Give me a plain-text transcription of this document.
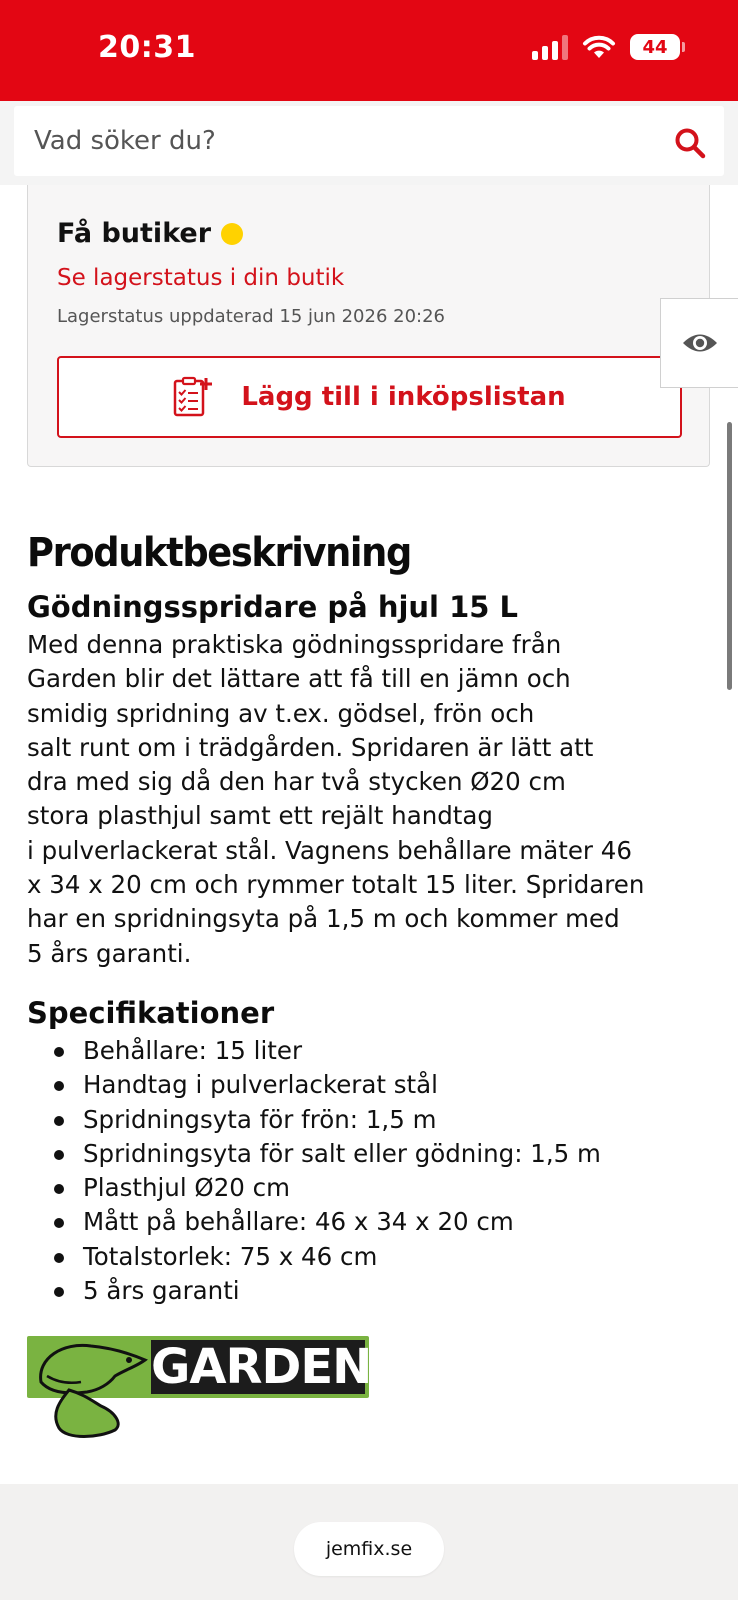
20:31	44
Vad söker du?
Få butiker
Se lagerstatus i din butik
Lagerstatus uppdaterad 15 jun 2026 20:26
Lägg till i inköpslistan
Produktbeskrivning
Gödningsspridare på hjul 15 L
Med denna praktiska gödningsspridare från
Garden blir det lättare att få till en jämn och
smidig spridning av t.ex. gödsel, frön och
salt runt om i trädgården. Spridaren är lätt att
dra med sig då den har två stycken Ø20 cm
stora plasthjul samt ett rejält handtag
i pulverlackerat stål. Vagnens behållare mäter 46
x 34 x 20 cm och rymmer totalt 15 liter. Spridaren
har en spridningsyta på 1,5 m och kommer med
5 års garanti.
Specifikationer
Behållare: 15 liter
Handtag i pulverlackerat stål
Spridningsyta för frön: 1,5 m
Spridningsyta för salt eller gödning: 1,5 m
Plasthjul Ø20 cm
Mått på behållare: 46 x 34 x 20 cm
Totalstorlek: 75 x 46 cm
5 års garanti
GARDEN
jemfix.se
